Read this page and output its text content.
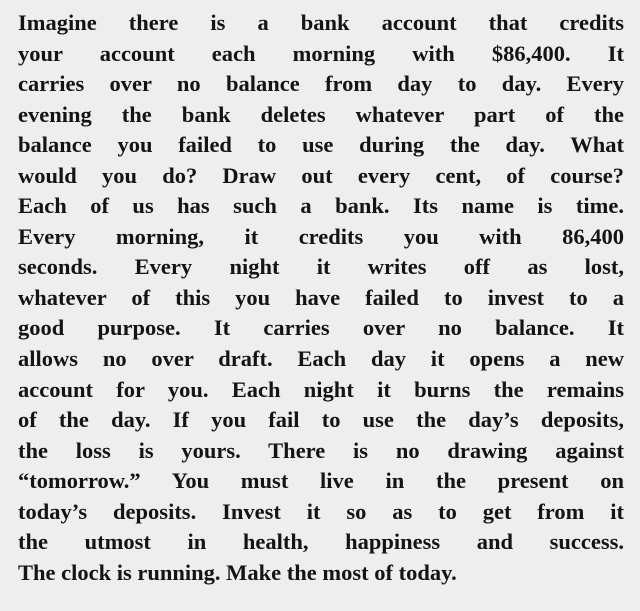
Imagine there is a bank account that credits
your account each morning with $86,400. It
carries over no balance from day to day. Every
evening the bank deletes whatever part of the
balance you failed to use during the day. What
would you do? Draw out every cent, of course?
Each of us has such a bank. Its name is time.
Every morning, it credits you with 86,400
seconds. Every night it writes off as lost,
whatever of this you have failed to invest to a
good purpose. It carries over no balance. It
allows no over draft. Each day it opens a new
account for you. Each night it burns the remains
of the day. If you fail to use the day’s deposits,
the loss is yours. There is no drawing against
“tomorrow.” You must live in the present on
today’s deposits. Invest it so as to get from it
the utmost in health, happiness and success.
The clock is running. Make the most of today.
